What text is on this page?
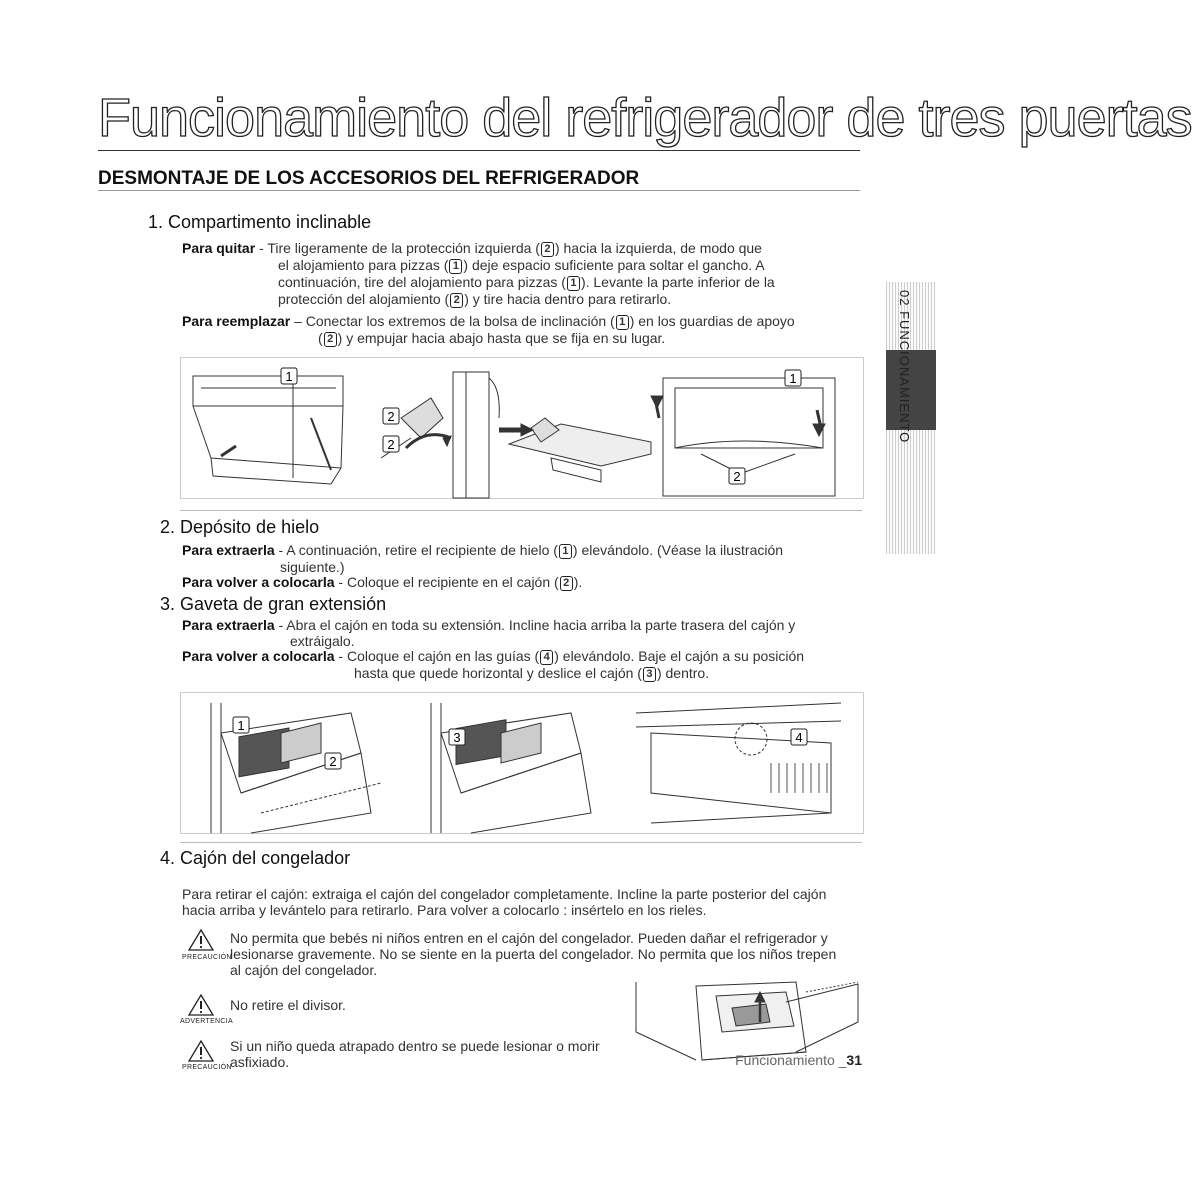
Funcionamiento del refrigerador de tres puertas
DESMONTAJE DE LOS ACCESORIOS DEL REFRIGERADOR
02 FUNCIONAMIENTO
1. Compartimento inclinable
Para quitar - Tire ligeramente de la protección izquierda ( 2 ) hacia la izquierda, de modo que
el alojamiento para pizzas ( 1 ) deje espacio suficiente para soltar el gancho. A
continuación, tire del alojamiento para pizzas ( 1 ). Levante la parte inferior de la
protección del alojamiento ( 2 ) y tire hacia dentro para retirarlo.
Para reemplazar – Conectar los extremos de la bolsa de inclinación ( 1 ) en los guardias de apoyo
( 2 ) y empujar hacia abajo hasta que se fija en su lugar.
1
2
2
1
2
2. Depósito de hielo
Para extraerla - A continuación, retire el recipiente de hielo ( 1 ) elevándolo. (Véase la ilustración
siguiente.)
Para volver a colocarla - Coloque el recipiente en el cajón ( 2 ).
3. Gaveta de gran extensión
Para extraerla - Abra el cajón en toda su extensión. Incline hacia arriba la parte trasera del cajón y
extráigalo.
Para volver a colocarla - Coloque el cajón en las guías ( 4 ) elevándolo. Baje el cajón a su posición
hasta que quede horizontal y deslice el cajón ( 3 ) dentro.
1
2
3	4
4. Cajón del congelador
Para retirar el cajón: extraiga el cajón del congelador completamente. Incline la parte posterior del cajón
hacia arriba y levántelo para retirarlo. Para volver a colocarlo : insértelo en los rieles.
PRECAUCIÓN
No permita que bebés ni niños entren en el cajón del congelador. Pueden dañar el refrigerador y
lesionarse gravemente. No se siente en la puerta del congelador. No permita que los niños trepen
al cajón del congelador.
ADVERTENCIA
No retire el divisor.
PRECAUCIÓN
Si un niño queda atrapado dentro se puede lesionar o morir
asfixiado.	Funcionamiento _31
